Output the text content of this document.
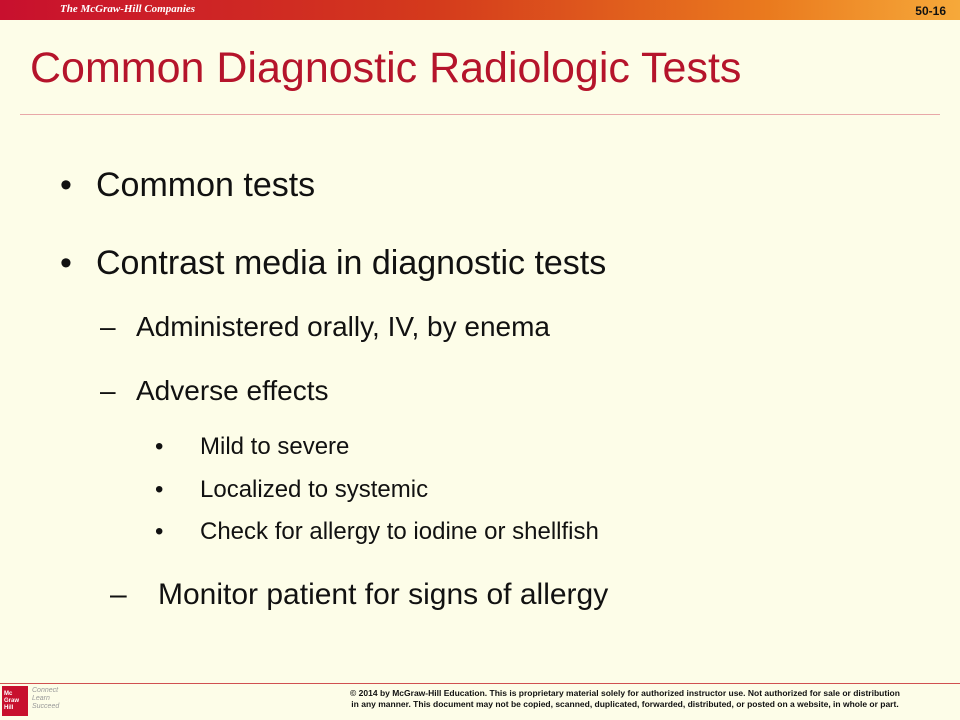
The McGraw-Hill Companies	50-16
Common Diagnostic Radiologic Tests
• Common tests
• Contrast media in diagnostic tests
– Administered orally, IV, by enema
– Adverse effects
• Mild to severe
• Localized to systemic
• Check for allergy to iodine or shellfish
– Monitor patient for signs of allergy
Mc
Graw
Hill
Connect
Learn
Succeed
© 2014 by McGraw-Hill Education. This is proprietary material solely for authorized instructor use. Not authorized for sale or distribution
in any manner. This document may not be copied, scanned, duplicated, forwarded, distributed, or posted on a website, in whole or part.
